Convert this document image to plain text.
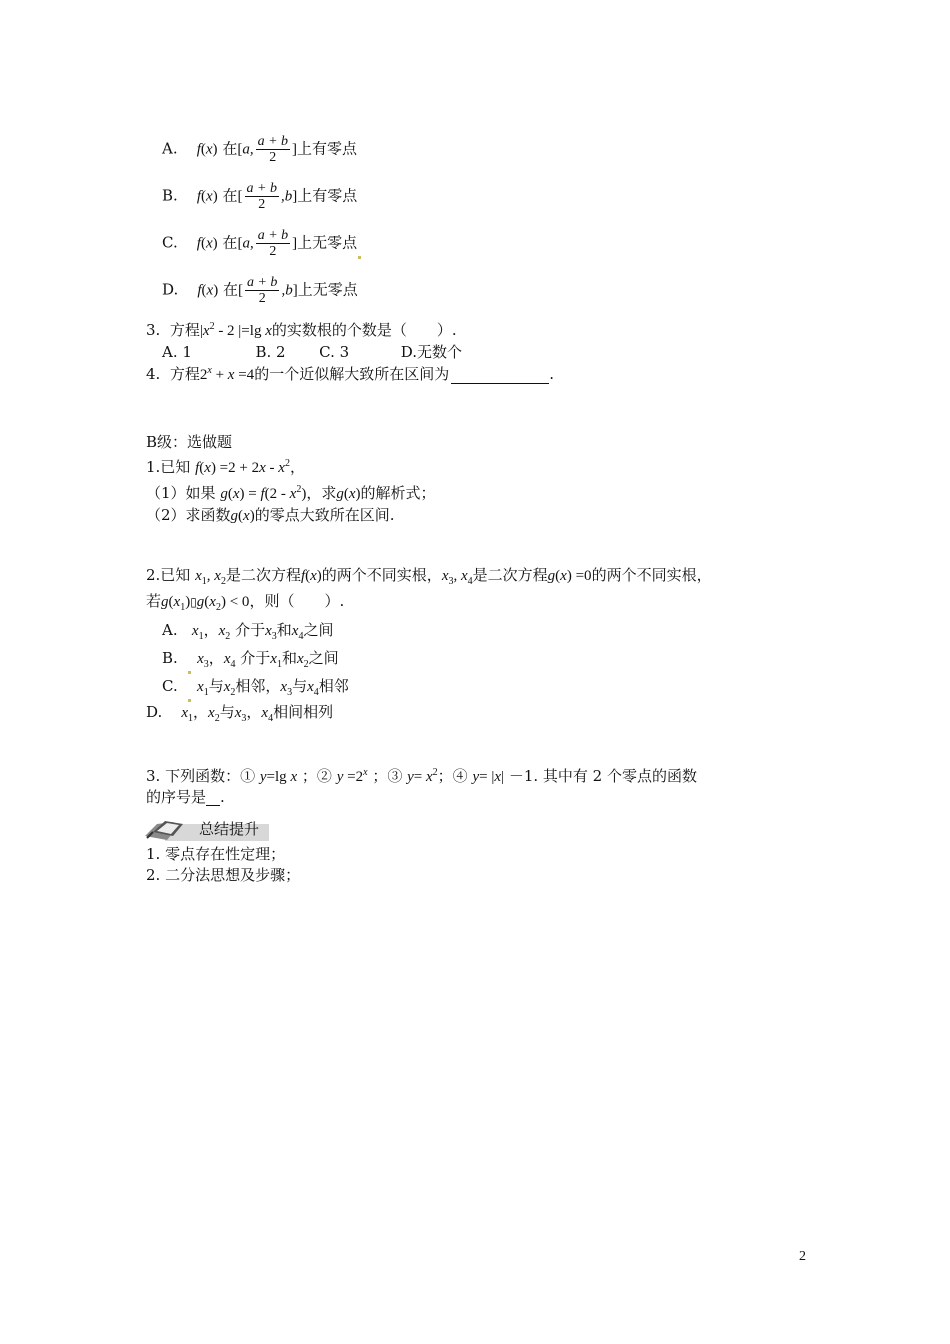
A. f(x) 在[a, $\frac{a + b}{2}$ ]上有零点
B. f(x) 在[ $\frac{a + b}{2} ,b$]上有零点
C. f(x) 在[a, $\frac{a + b}{2}$ ]上无零点
D. f(x) 在[ $\frac{a + b}{2} ,b$]上无零点
3. 方程$|x^2 - 2$ |=lg x的实数根的个数是（　　）.
A. 1	B. 2 C. 3	D.无数个
4. 方程$2^x + x =4$的一个近似解大致所在区间为	.
B级：选做题
1.已知 $f(x) =2 + 2x - x^2$，
（1）如果 $g(x) = f(2 - x^2)$，求g(x)的解析式；
（2）求函数g(x)的零点大致所在区间.
2.已知 $x_1$, $x_2$是二次方程f(x)的两个不同实根，$x_3$, $x_4$是二次方程g(x) =0的两个不同实根，
若$g(x_1)▯g(x_2) < 0$，则（　　）.
A. $x_1$，$x_2$ 介于$x_3$和$x_4$之间
B. $x_3$，$x_4$ 介于$x_1$和$x_2$之间
C. $x_1$与$x_2$相邻，$x_3$与$x_4$相邻
D. $x_1$，$x_2$与$x_3$，$x_4$相间相列
3. 下列函数：① y=lg x ；② $y =2^x$ ；③ $y= x^2$；④ y= |x| －1. 其中有 2 个零点的函数
的序号是 .
总结提升
1. 零点存在性定理；
2. 二分法思想及步骤；
2
